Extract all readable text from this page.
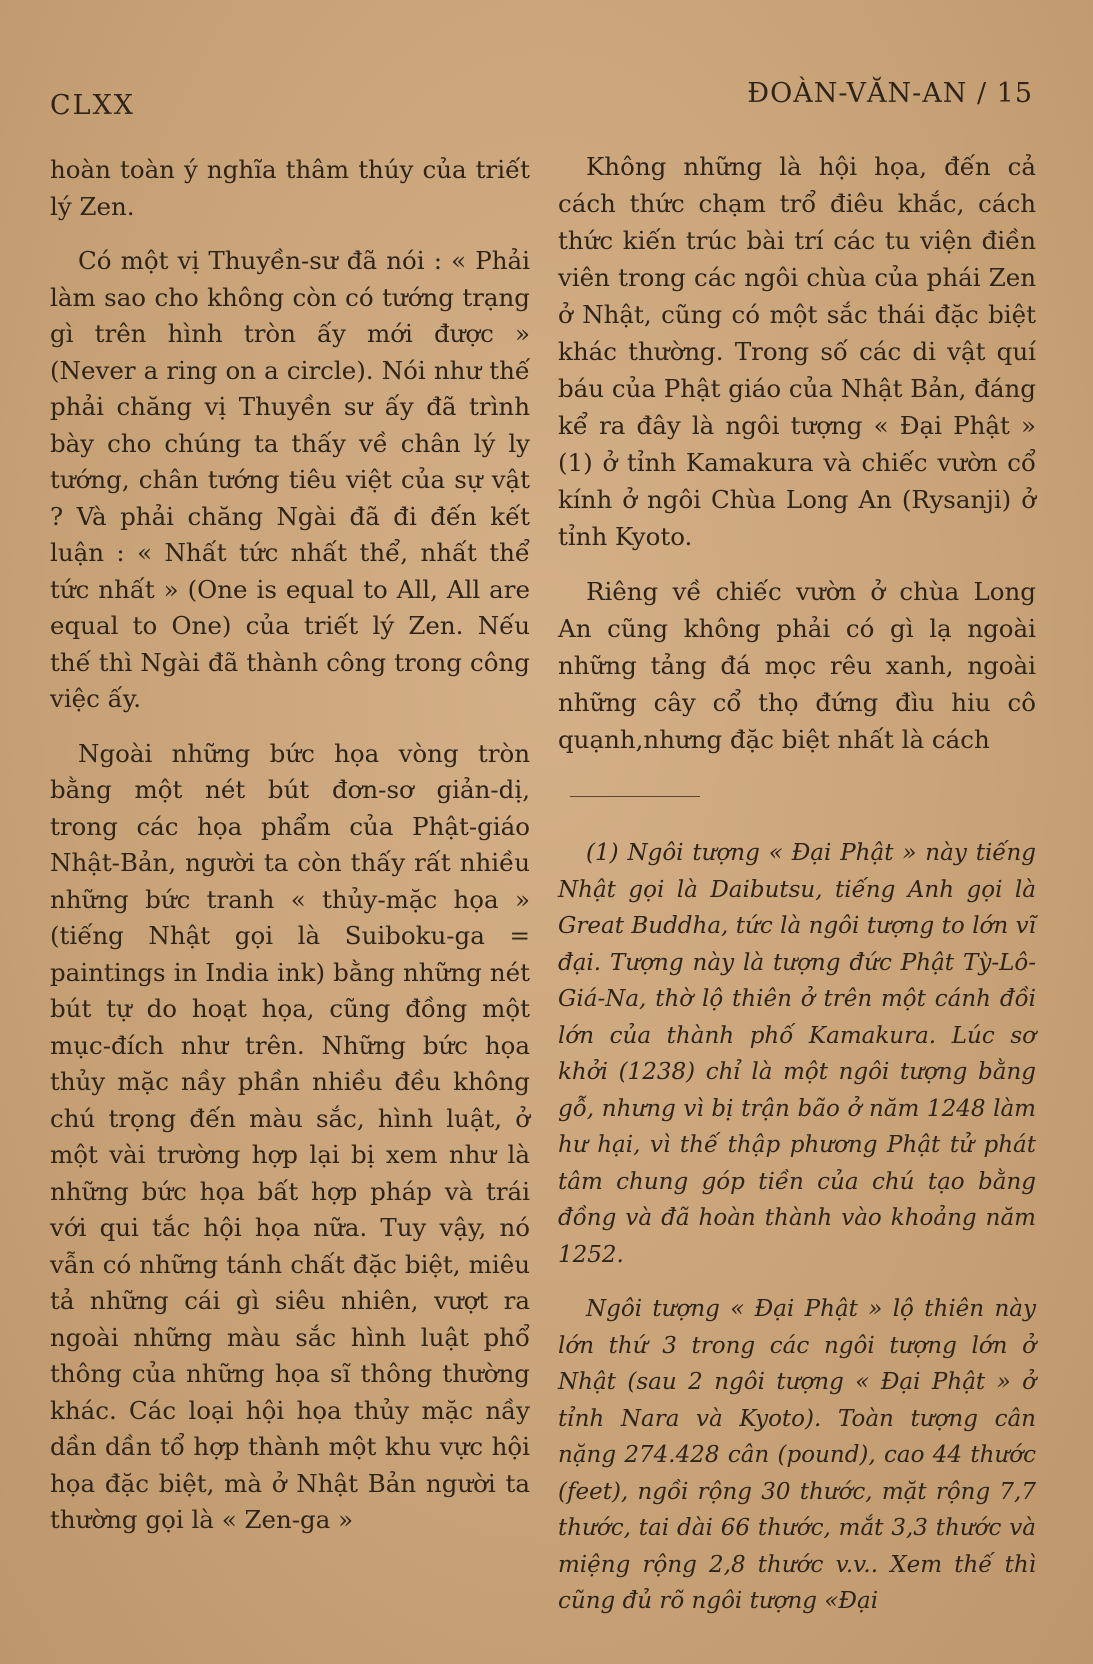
CLXX	ĐOÀN-VĂN-AN / 15

hoàn toàn ý nghĩa thâm thúy của triết lý Zen.

Có một vị Thuyền-sư đã nói : « Phải làm sao cho không còn có tướng trạng gì trên hình tròn ấy mới được » (Never a ring on a circle). Nói như thế phải chăng vị Thuyền sư ấy đã trình bày cho chúng ta thấy về chân lý ly tướng, chân tướng tiêu việt của sự vật ? Và phải chăng Ngài đã đi đến kết luận : « Nhất tức nhất thể, nhất thể tức nhất » (One is equal to All, All are equal to One) của triết lý Zen. Nếu thế thì Ngài đã thành công trong công việc ấy.

Ngoài những bức họa vòng tròn bằng một nét bút đơn-sơ giản-dị, trong các họa phẩm của Phật-giáo Nhật-Bản, người ta còn thấy rất nhiều những bức tranh « thủy-mặc họa » (tiếng Nhật gọi là Suiboku-ga = paintings in India ink) bằng những nét bút tự do hoạt họa, cũng đồng một mục-đích như trên. Những bức họa thủy mặc nầy phần nhiều đều không chú trọng đến màu sắc, hình luật, ở một vài trường hợp lại bị xem như là những bức họa bất hợp pháp và trái với qui tắc hội họa nữa. Tuy vậy, nó vẫn có những tánh chất đặc biệt, miêu tả những cái gì siêu nhiên, vượt ra ngoài những màu sắc hình luật phổ thông của những họa sĩ thông thường khác. Các loại hội họa thủy mặc nầy dần dần tổ hợp thành một khu vực hội họa đặc biệt, mà ở Nhật Bản người ta thường gọi là « Zen-ga »

Không những là hội họa, đến cả cách thức chạm trổ điêu khắc, cách thức kiến trúc bài trí các tu viện điền viên trong các ngôi chùa của phái Zen ở Nhật, cũng có một sắc thái đặc biệt khác thường. Trong số các di vật quí báu của Phật giáo của Nhật Bản, đáng kể ra đây là ngôi tượng « Đại Phật » (1) ở tỉnh Kamakura và chiếc vườn cổ kính ở ngôi Chùa Long An (Rysanji) ở tỉnh Kyoto.

Riêng về chiếc vườn ở chùa Long An cũng không phải có gì lạ ngoài những tảng đá mọc rêu xanh, ngoài những cây cổ thọ đứng đìu hiu cô quạnh,nhưng đặc biệt nhất là cách

(1) Ngôi tượng « Đại Phật » này tiếng Nhật gọi là Daibutsu, tiếng Anh gọi là Great Buddha, tức là ngôi tượng to lớn vĩ đại. Tượng này là tượng đức Phật Tỳ-Lô-Giá-Na, thờ lộ thiên ở trên một cánh đồi lớn của thành phố Kamakura. Lúc sơ khởi (1238) chỉ là một ngôi tượng bằng gỗ, nhưng vì bị trận bão ở năm 1248 làm hư hại, vì thế thập phương Phật tử phát tâm chung góp tiền của chú tạo bằng đồng và đã hoàn thành vào khoảng năm 1252.

Ngôi tượng « Đại Phật » lộ thiên này lớn thứ 3 trong các ngôi tượng lớn ở Nhật (sau 2 ngôi tượng « Đại Phật » ở tỉnh Nara và Kyoto). Toàn tượng cân nặng 274.428 cân (pound), cao 44 thước (feet), ngồi rộng 30 thước, mặt rộng 7,7 thước, tai dài 66 thước, mắt 3,3 thước và miệng rộng 2,8 thước v.v.. Xem thế thì cũng đủ rõ ngôi tượng «Đại
